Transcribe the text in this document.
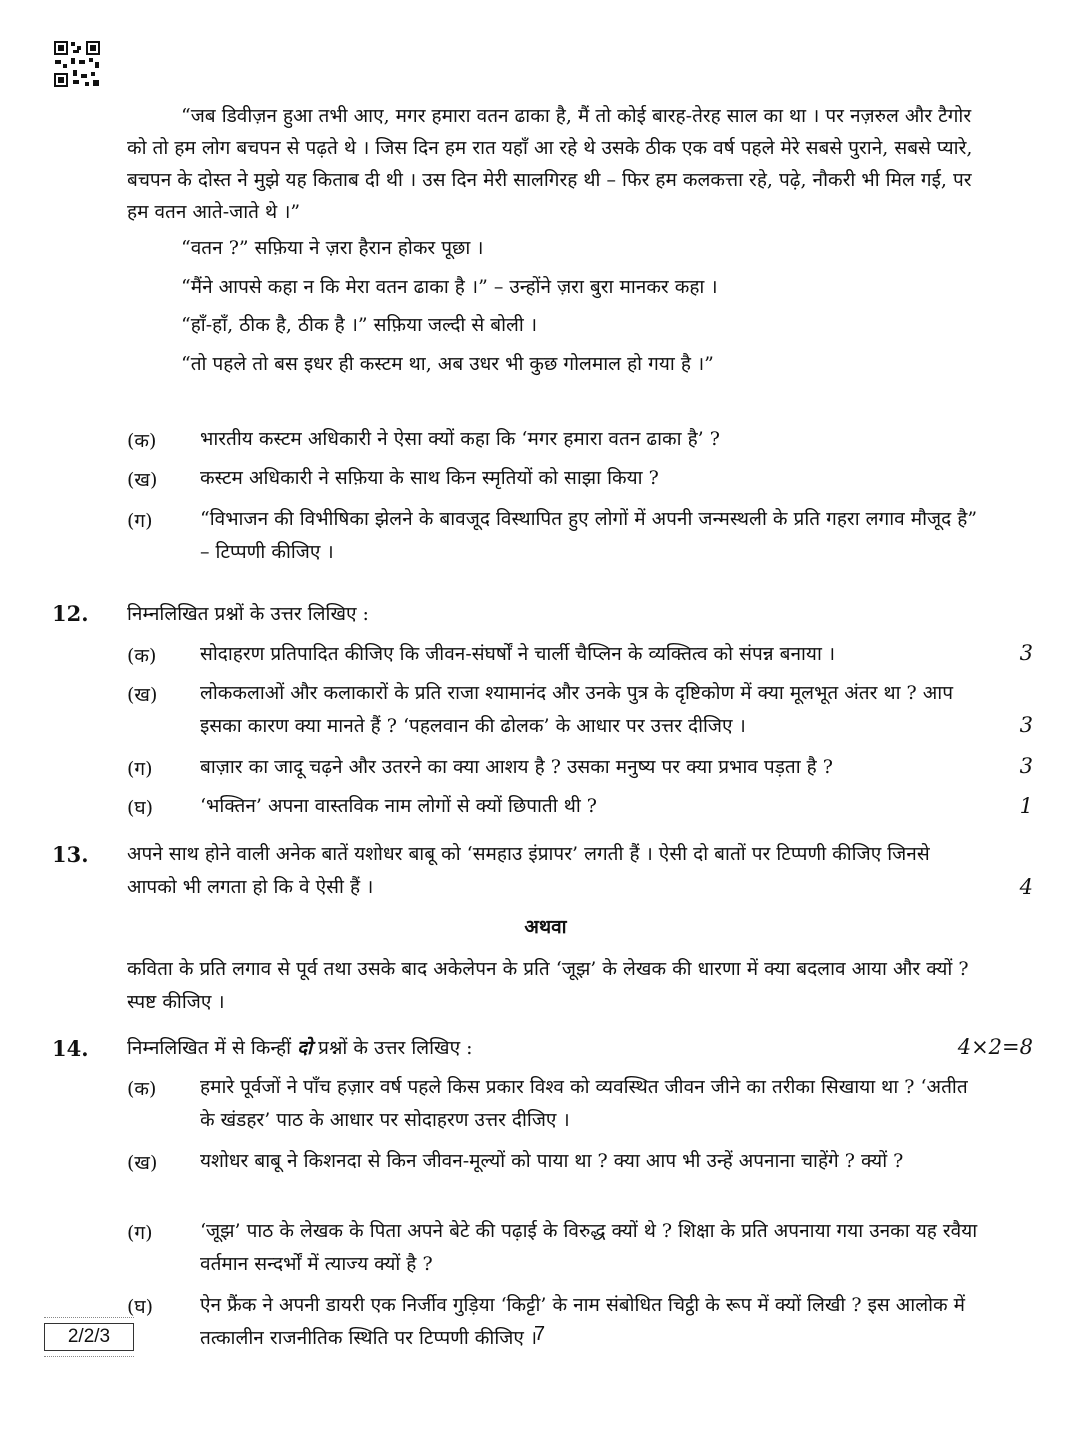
“जब डिवीज़न हुआ तभी आए, मगर हमारा वतन ढाका है, मैं तो कोई बारह-तेरह साल का था । पर नज़रुल और टैगोर को तो हम लोग बचपन से पढ़ते थे । जिस दिन हम रात यहाँ आ रहे थे उसके ठीक एक वर्ष पहले मेरे सबसे पुराने, सबसे प्यारे, बचपन के दोस्त ने मुझे यह किताब दी थी । उस दिन मेरी सालगिरह थी – फिर हम कलकत्ता रहे, पढ़े, नौकरी भी मिल गई, पर हम वतन आते-जाते थे ।”

“वतन ?” सफ़िया ने ज़रा हैरान होकर पूछा ।
“मैंने आपसे कहा न कि मेरा वतन ढाका है ।” – उन्होंने ज़रा बुरा मानकर कहा ।
“हाँ-हाँ, ठीक है, ठीक है ।” सफ़िया जल्दी से बोली ।
“तो पहले तो बस इधर ही कस्टम था, अब उधर भी कुछ गोलमाल हो गया है ।”
(क) भारतीय कस्टम अधिकारी ने ऐसा क्यों कहा कि ‘मगर हमारा वतन ढाका है’ ?

(ख) कस्टम अधिकारी ने सफ़िया के साथ किन स्मृतियों को साझा किया ?

(ग) “विभाजन की विभीषिका झेलने के बावजूद विस्थापित हुए लोगों में अपनी जन्मस्थली के प्रति गहरा लगाव मौजूद है” – टिप्पणी कीजिए ।

12. निम्नलिखित प्रश्नों के उत्तर लिखिए :

(क) सोदाहरण प्रतिपादित कीजिए कि जीवन-संघर्षों ने चार्ली चैप्लिन के व्यक्तित्व को संपन्न बनाया ।	3
(ख) लोककलाओं और कलाकारों के प्रति राजा श्यामानंद और उनके पुत्र के दृष्टिकोण में क्या मूलभूत अंतर था ? आप इसका कारण क्या मानते हैं ? ‘पहलवान की ढोलक’ के आधार पर उत्तर दीजिए ।	3
(ग) बाज़ार का जादू चढ़ने और उतरने का क्या आशय है ? उसका मनुष्य पर क्या प्रभाव पड़ता है ?	3
(घ) ‘भक्तिन’ अपना वास्तविक नाम लोगों से क्यों छिपाती थी ?	1
13. अपने साथ होने वाली अनेक बातें यशोधर बाबू को ‘समहाउ इंप्रापर’ लगती हैं । ऐसी दो बातों पर टिप्पणी कीजिए जिनसे आपको भी लगता हो कि वे ऐसी हैं ।	4
अथवा

कविता के प्रति लगाव से पूर्व तथा उसके बाद अकेलेपन के प्रति ‘जूझ’ के लेखक की धारणा में क्या बदलाव आया और क्यों ? स्पष्ट कीजिए ।

14. निम्नलिखित में से किन्हीं दो प्रश्नों के उत्तर लिखिए :	4×2=8
(क) हमारे पूर्वजों ने पाँच हज़ार वर्ष पहले किस प्रकार विश्व को व्यवस्थित जीवन जीने का तरीका सिखाया था ? ‘अतीत के खंडहर’ पाठ के आधार पर सोदाहरण उत्तर दीजिए ।

(ख) यशोधर बाबू ने किशनदा से किन जीवन-मूल्यों को पाया था ? क्या आप भी उन्हें अपनाना चाहेंगे ? क्यों ?

(ग) ‘जूझ’ पाठ के लेखक के पिता अपने बेटे की पढ़ाई के विरुद्ध क्यों थे ? शिक्षा के प्रति अपनाया गया उनका यह रवैया वर्तमान सन्दर्भों में त्याज्य क्यों है ?

(घ) ऐन फ्रैंक ने अपनी डायरी एक निर्जीव गुड़िया ‘किट्टी’ के नाम संबोधित चिट्ठी के रूप में क्यों लिखी ? इस आलोक में तत्कालीन राजनीतिक स्थिति पर टिप्पणी कीजिए ।

2/2/3	7
